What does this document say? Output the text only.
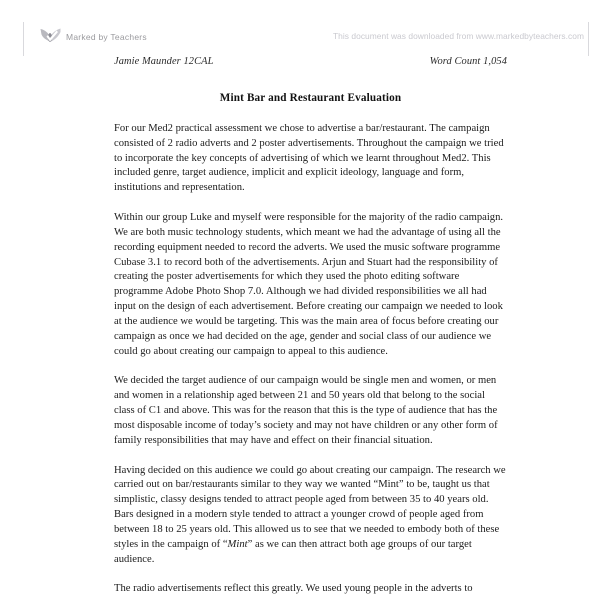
Marked by Teachers	This document was downloaded from www.markedbyteachers.com
Jamie Maunder 12CAL	Word Count 1,054
Mint Bar and Restaurant Evaluation

For our Med2 practical assessment we chose to advertise a bar/restaurant. The campaign consisted of 2 radio adverts and 2 poster advertisements. Throughout the campaign we tried to incorporate the key concepts of advertising of which we learnt throughout Med2. This included genre, target audience, implicit and explicit ideology, language and form, institutions and representation.

Within our group Luke and myself were responsible for the majority of the radio campaign. We are both music technology students, which meant we had the advantage of using all the recording equipment needed to record the adverts. We used the music software programme Cubase 3.1 to record both of the advertisements. Arjun and Stuart had the responsibility of creating the poster advertisements for which they used the photo editing software programme Adobe Photo Shop 7.0. Although we had divided responsibilities we all had input on the design of each advertisement. Before creating our campaign we needed to look at the audience we would be targeting. This was the main area of focus before creating our campaign as once we had decided on the age, gender and social class of our audience we could go about creating our campaign to appeal to this audience.

We decided the target audience of our campaign would be single men and women, or men and women in a relationship aged between 21 and 50 years old that belong to the social class of C1 and above. This was for the reason that this is the type of audience that has the most disposable income of today’s society and may not have children or any other form of family responsibilities that may have and effect on their financial situation.

Having decided on this audience we could go about creating our campaign. The research we carried out on bar/restaurants similar to they way we wanted “Mint” to be, taught us that simplistic, classy designs tended to attract people aged from between 35 to 40 years old. Bars designed in a modern style tended to attract a younger crowd of people aged from between 18 to 25 years old. This allowed us to see that we needed to embody both of these styles in the campaign of “Mint” as we can then attract both age groups of our target audience.

The radio advertisements reflect this greatly. We used young people in the adverts to
